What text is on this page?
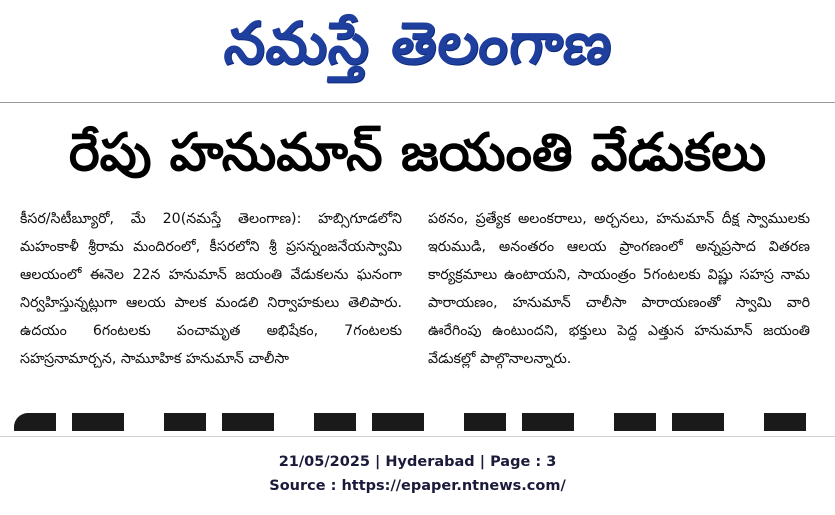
నమస్తే తెలంగాణ
రేపు హనుమాన్ జయంతి వేడుకలు
కీసర/సిటీబ్యూరో, మే 20(నమస్తే తెలంగాణ): హబ్సిగూడలోని మహంకాళీ శ్రీరామ మందిరంలో, కీసరలోని శ్రీ ప్రసన్నంజనేయస్వామి ఆలయంలో ఈనెల 22న హనుమాన్ జయంతి వేడుకలను ఘనంగా నిర్వహిస్తున్నట్లుగా ఆలయ పాలక మండలి నిర్వాహకులు తెలిపారు. ఉదయం 6గంటలకు పంచామృత అభిషేకం, 7గంటలకు సహస్రనామార్చన, సామూహిక హనుమాన్ చాలీసా
పఠనం, ప్రత్యేక అలంకరాలు, అర్చనలు, హనుమాన్ దీక్ష స్వాములకు ఇరుముడి, అనంతరం ఆలయ ప్రాంగణంలో అన్నప్రసాద వితరణ కార్యక్రమాలు ఉంటాయని, సాయంత్రం 5గంటలకు విష్ణు సహస్ర నామ పారాయణం, హనుమాన్ చాలీసా పారాయణంతో స్వామి వారి ఊరేగింపు ఉంటుందని, భక్తులు పెద్ద ఎత్తున హనుమాన్ జయంతి వేడుకల్లో పాల్గొనాలన్నారు.
21/05/2025 | Hyderabad | Page : 3
Source : https://epaper.ntnews.com/
